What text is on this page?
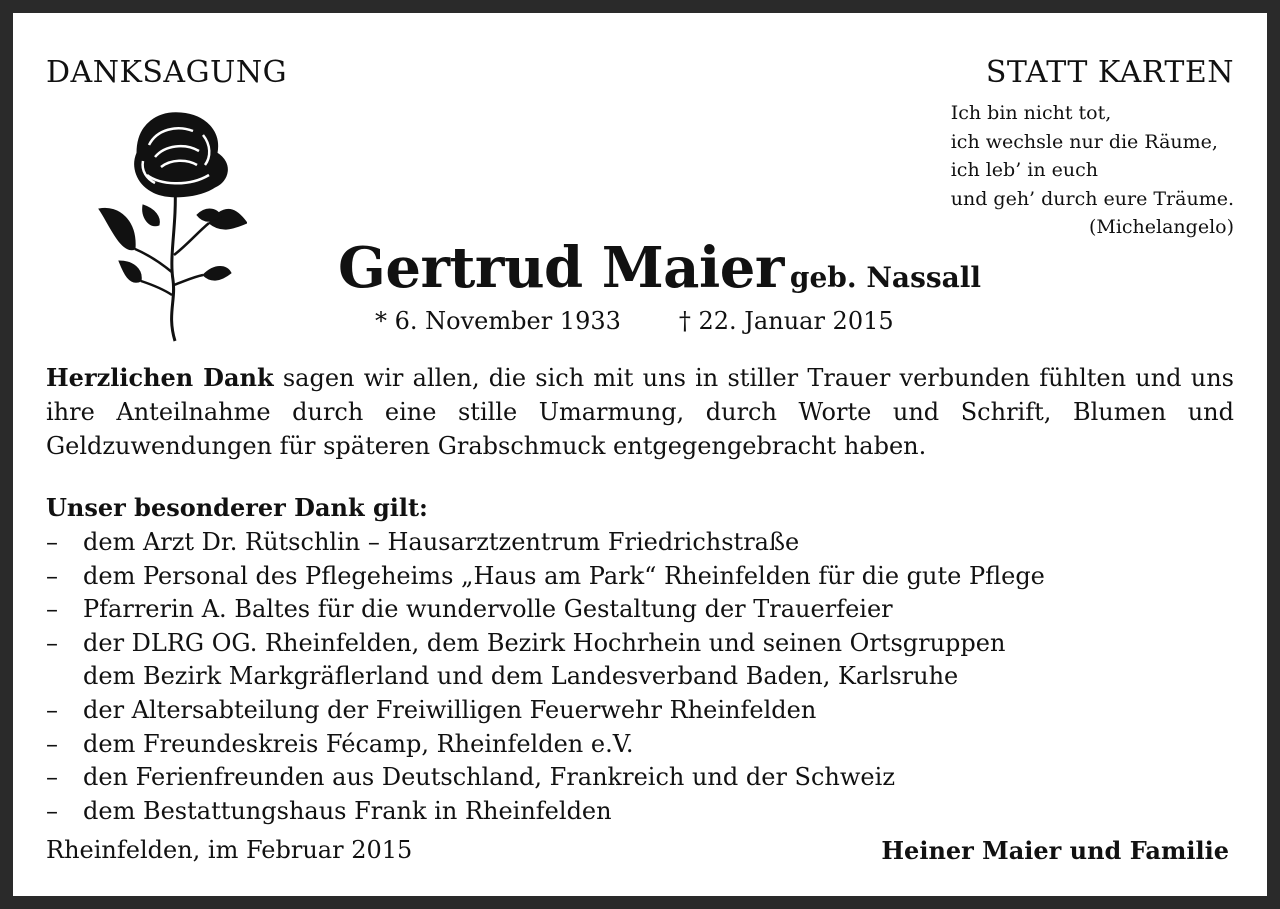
DANKSAGUNG	STATT KARTEN
Ich bin nicht tot,
ich wechsle nur die Räume,
ich leb’ in euch
und geh’ durch eure Träume.
(Michelangelo)
Gertrud Maier geb. Nassall
* 6. November 1933 † 22. Januar 2015
Herzlichen Dank sagen wir allen, die sich mit uns in stiller Trauer verbunden fühlten und uns ihre Anteilnahme durch eine stille Umarmung, durch Worte und Schrift, Blumen und Geldzuwendungen für späteren Grabschmuck entgegengebracht haben.
Unser besonderer Dank gilt:
–	dem Arzt Dr. Rütschlin – Hausarztzentrum Friedrichstraße
–	dem Personal des Pflegeheims „Haus am Park“ Rheinfelden für die gute Pflege
–	Pfarrerin A. Baltes für die wundervolle Gestaltung der Trauerfeier
–	der DLRG OG. Rheinfelden, dem Bezirk Hochrhein und seinen Ortsgruppen
dem Bezirk Markgräflerland und dem Landesverband Baden, Karlsruhe
–	der Altersabteilung der Freiwilligen Feuerwehr Rheinfelden
–	dem Freundeskreis Fécamp, Rheinfelden e.V.
–	den Ferienfreunden aus Deutschland, Frankreich und der Schweiz
–	dem Bestattungshaus Frank in Rheinfelden
Rheinfelden, im Februar 2015	Heiner Maier und Familie
